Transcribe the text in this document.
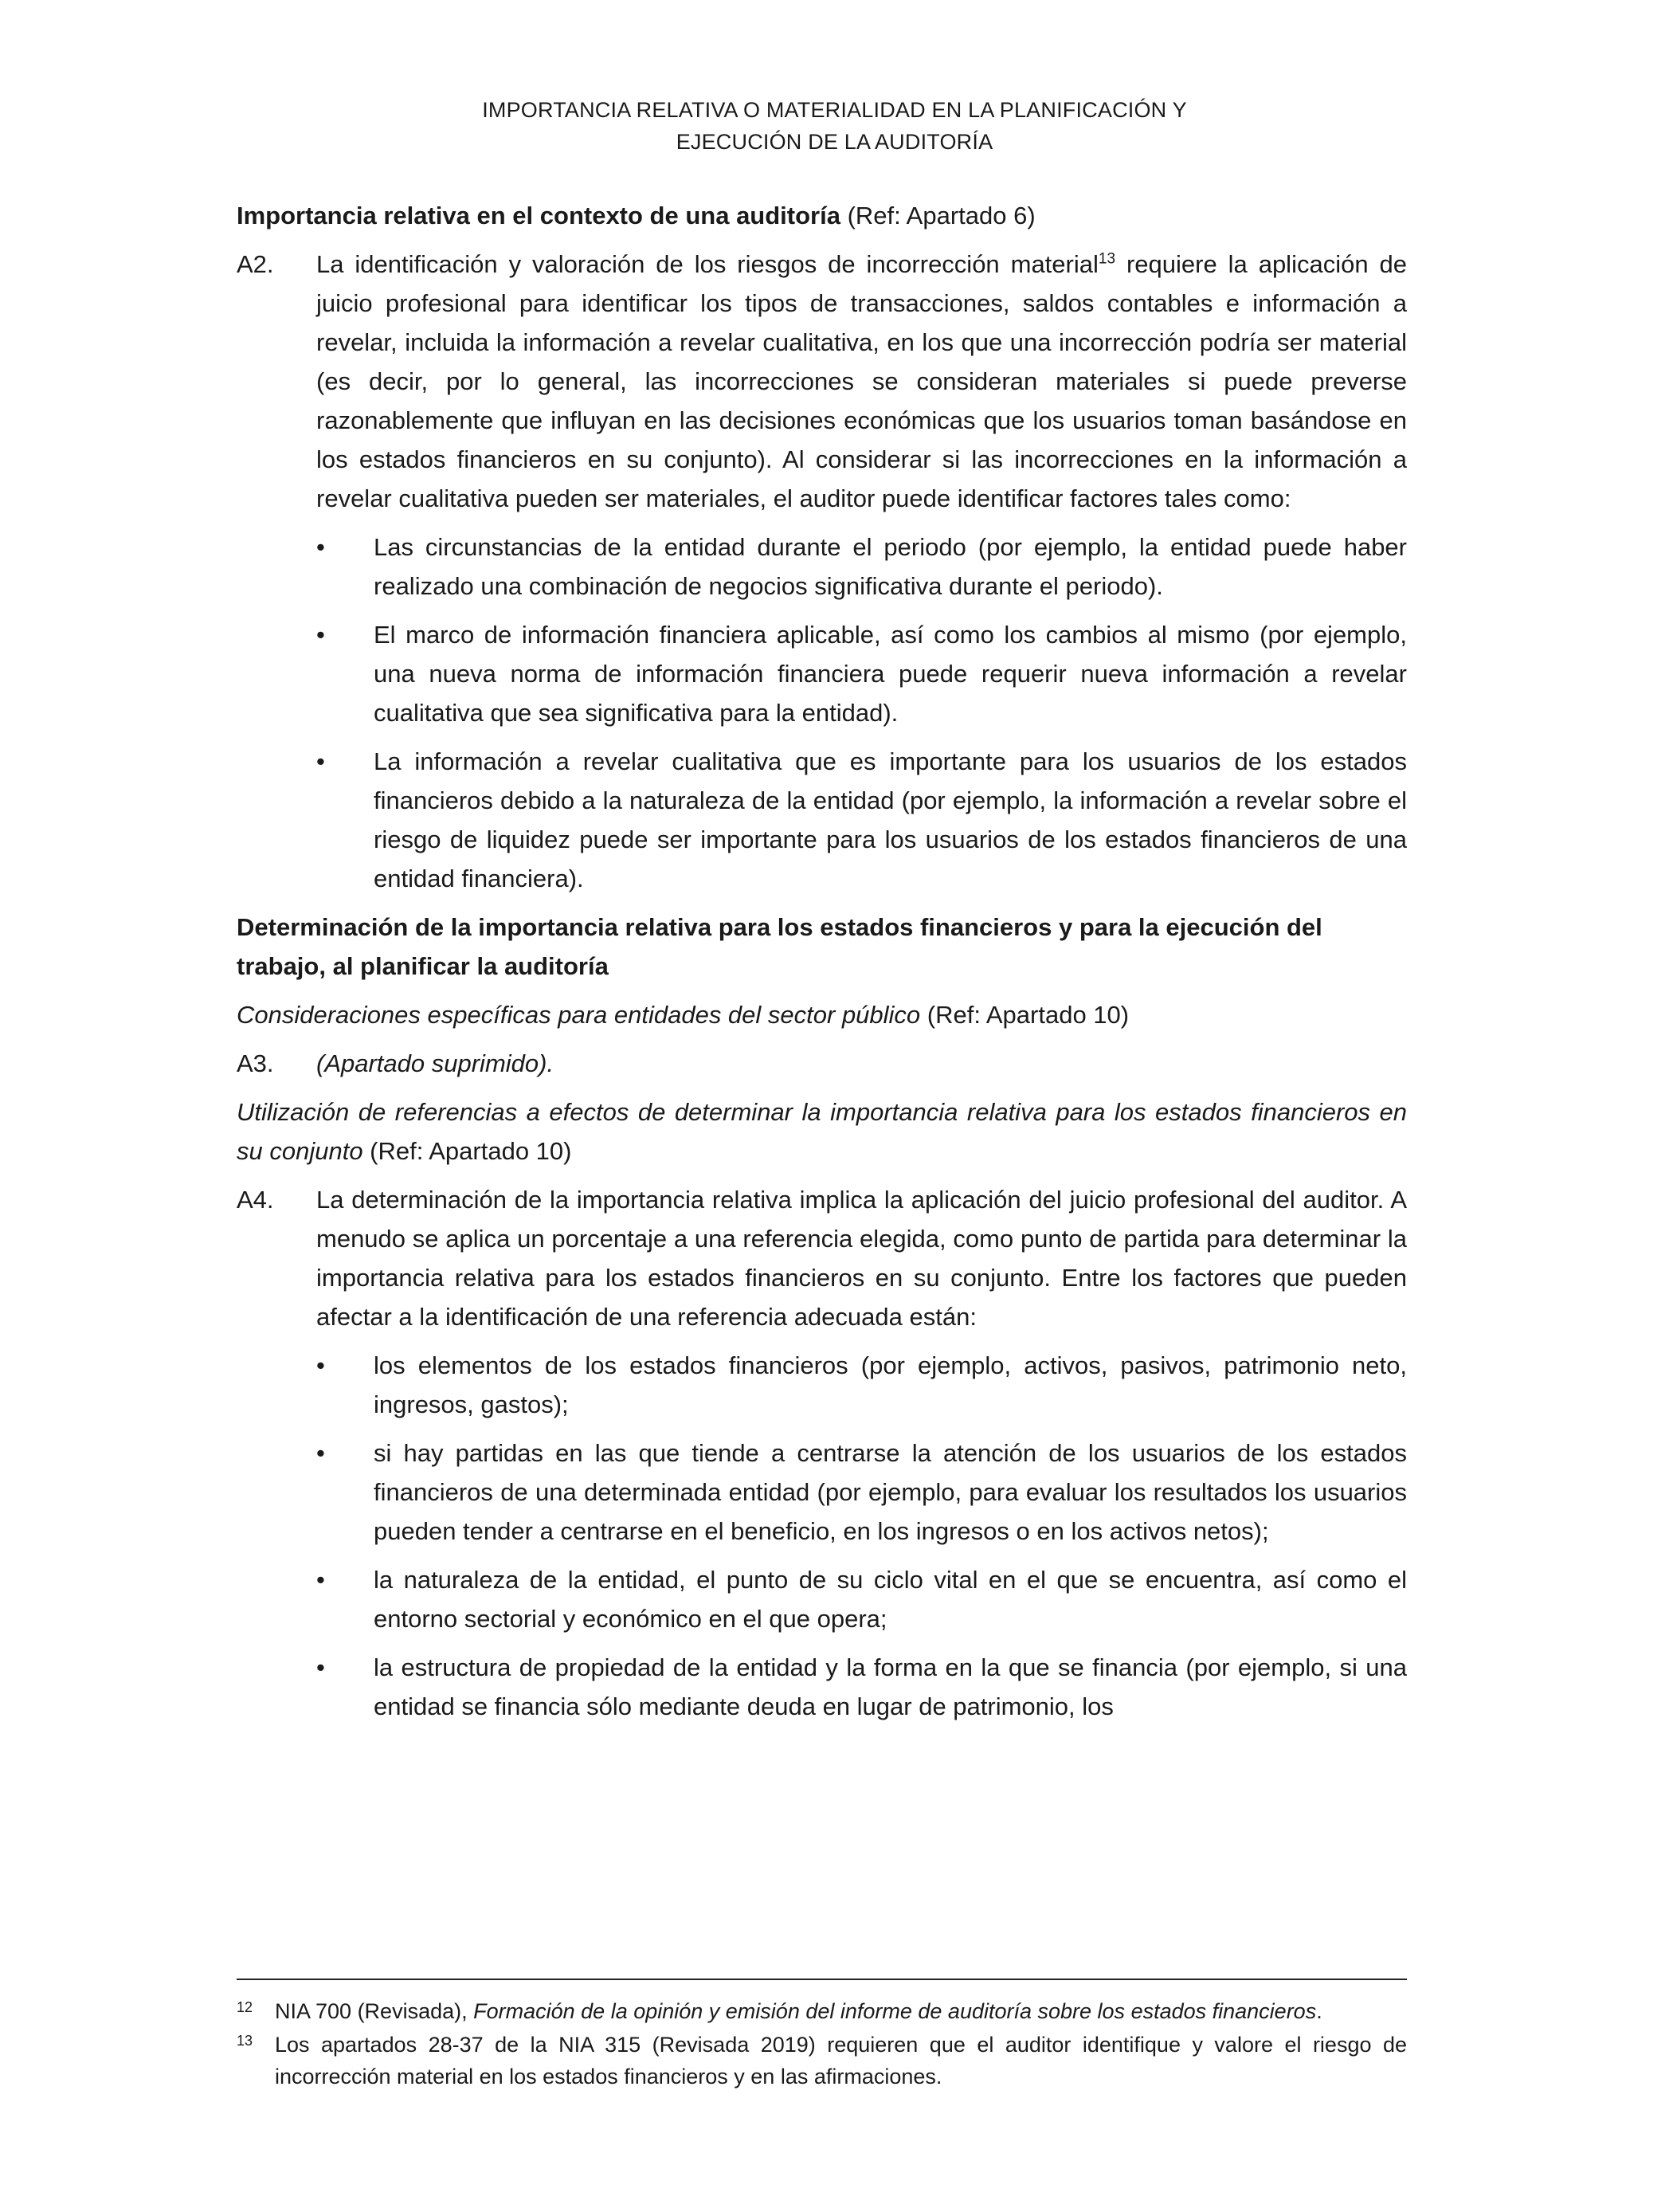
IMPORTANCIA RELATIVA O MATERIALIDAD EN LA PLANIFICACIÓN Y
EJECUCIÓN DE LA AUDITORÍA
Importancia relativa en el contexto de una auditoría (Ref: Apartado 6)
A2.	La identificación y valoración de los riesgos de incorrección material$^{13}$ requiere la aplicación de juicio profesional para identificar los tipos de transacciones, saldos contables e información a revelar, incluida la información a revelar cualitativa, en los que una incorrección podría ser material (es decir, por lo general, las incorrecciones se consideran materiales si puede preverse razonablemente que influyan en las decisiones económicas que los usuarios toman basándose en los estados financieros en su conjunto). Al considerar si las incorrecciones en la información a revelar cualitativa pueden ser materiales, el auditor puede identificar factores tales como:
•	Las circunstancias de la entidad durante el periodo (por ejemplo, la entidad puede haber realizado una combinación de negocios significativa durante el periodo).
•	El marco de información financiera aplicable, así como los cambios al mismo (por ejemplo, una nueva norma de información financiera puede requerir nueva información a revelar cualitativa que sea significativa para la entidad).
•	La información a revelar cualitativa que es importante para los usuarios de los estados financieros debido a la naturaleza de la entidad (por ejemplo, la información a revelar sobre el riesgo de liquidez puede ser importante para los usuarios de los estados financieros de una entidad financiera).
Determinación de la importancia relativa para los estados financieros y para la ejecución del trabajo, al planificar la auditoría
Consideraciones específicas para entidades del sector público (Ref: Apartado 10)
A3.	(Apartado suprimido).
Utilización de referencias a efectos de determinar la importancia relativa para los estados financieros en su conjunto (Ref: Apartado 10)
A4.	La determinación de la importancia relativa implica la aplicación del juicio profesional del auditor. A menudo se aplica un porcentaje a una referencia elegida, como punto de partida para determinar la importancia relativa para los estados financieros en su conjunto. Entre los factores que pueden afectar a la identificación de una referencia adecuada están:
•	los elementos de los estados financieros (por ejemplo, activos, pasivos, patrimonio neto, ingresos, gastos);
•	si hay partidas en las que tiende a centrarse la atención de los usuarios de los estados financieros de una determinada entidad (por ejemplo, para evaluar los resultados los usuarios pueden tender a centrarse en el beneficio, en los ingresos o en los activos netos);
•	la naturaleza de la entidad, el punto de su ciclo vital en el que se encuentra, así como el entorno sectorial y económico en el que opera;
•	la estructura de propiedad de la entidad y la forma en la que se financia (por ejemplo, si una entidad se financia sólo mediante deuda en lugar de patrimonio, los
12	NIA 700 (Revisada), Formación de la opinión y emisión del informe de auditoría sobre los estados financieros.
13	Los apartados 28-37 de la NIA 315 (Revisada 2019) requieren que el auditor identifique y valore el riesgo de incorrección material en los estados financieros y en las afirmaciones.
